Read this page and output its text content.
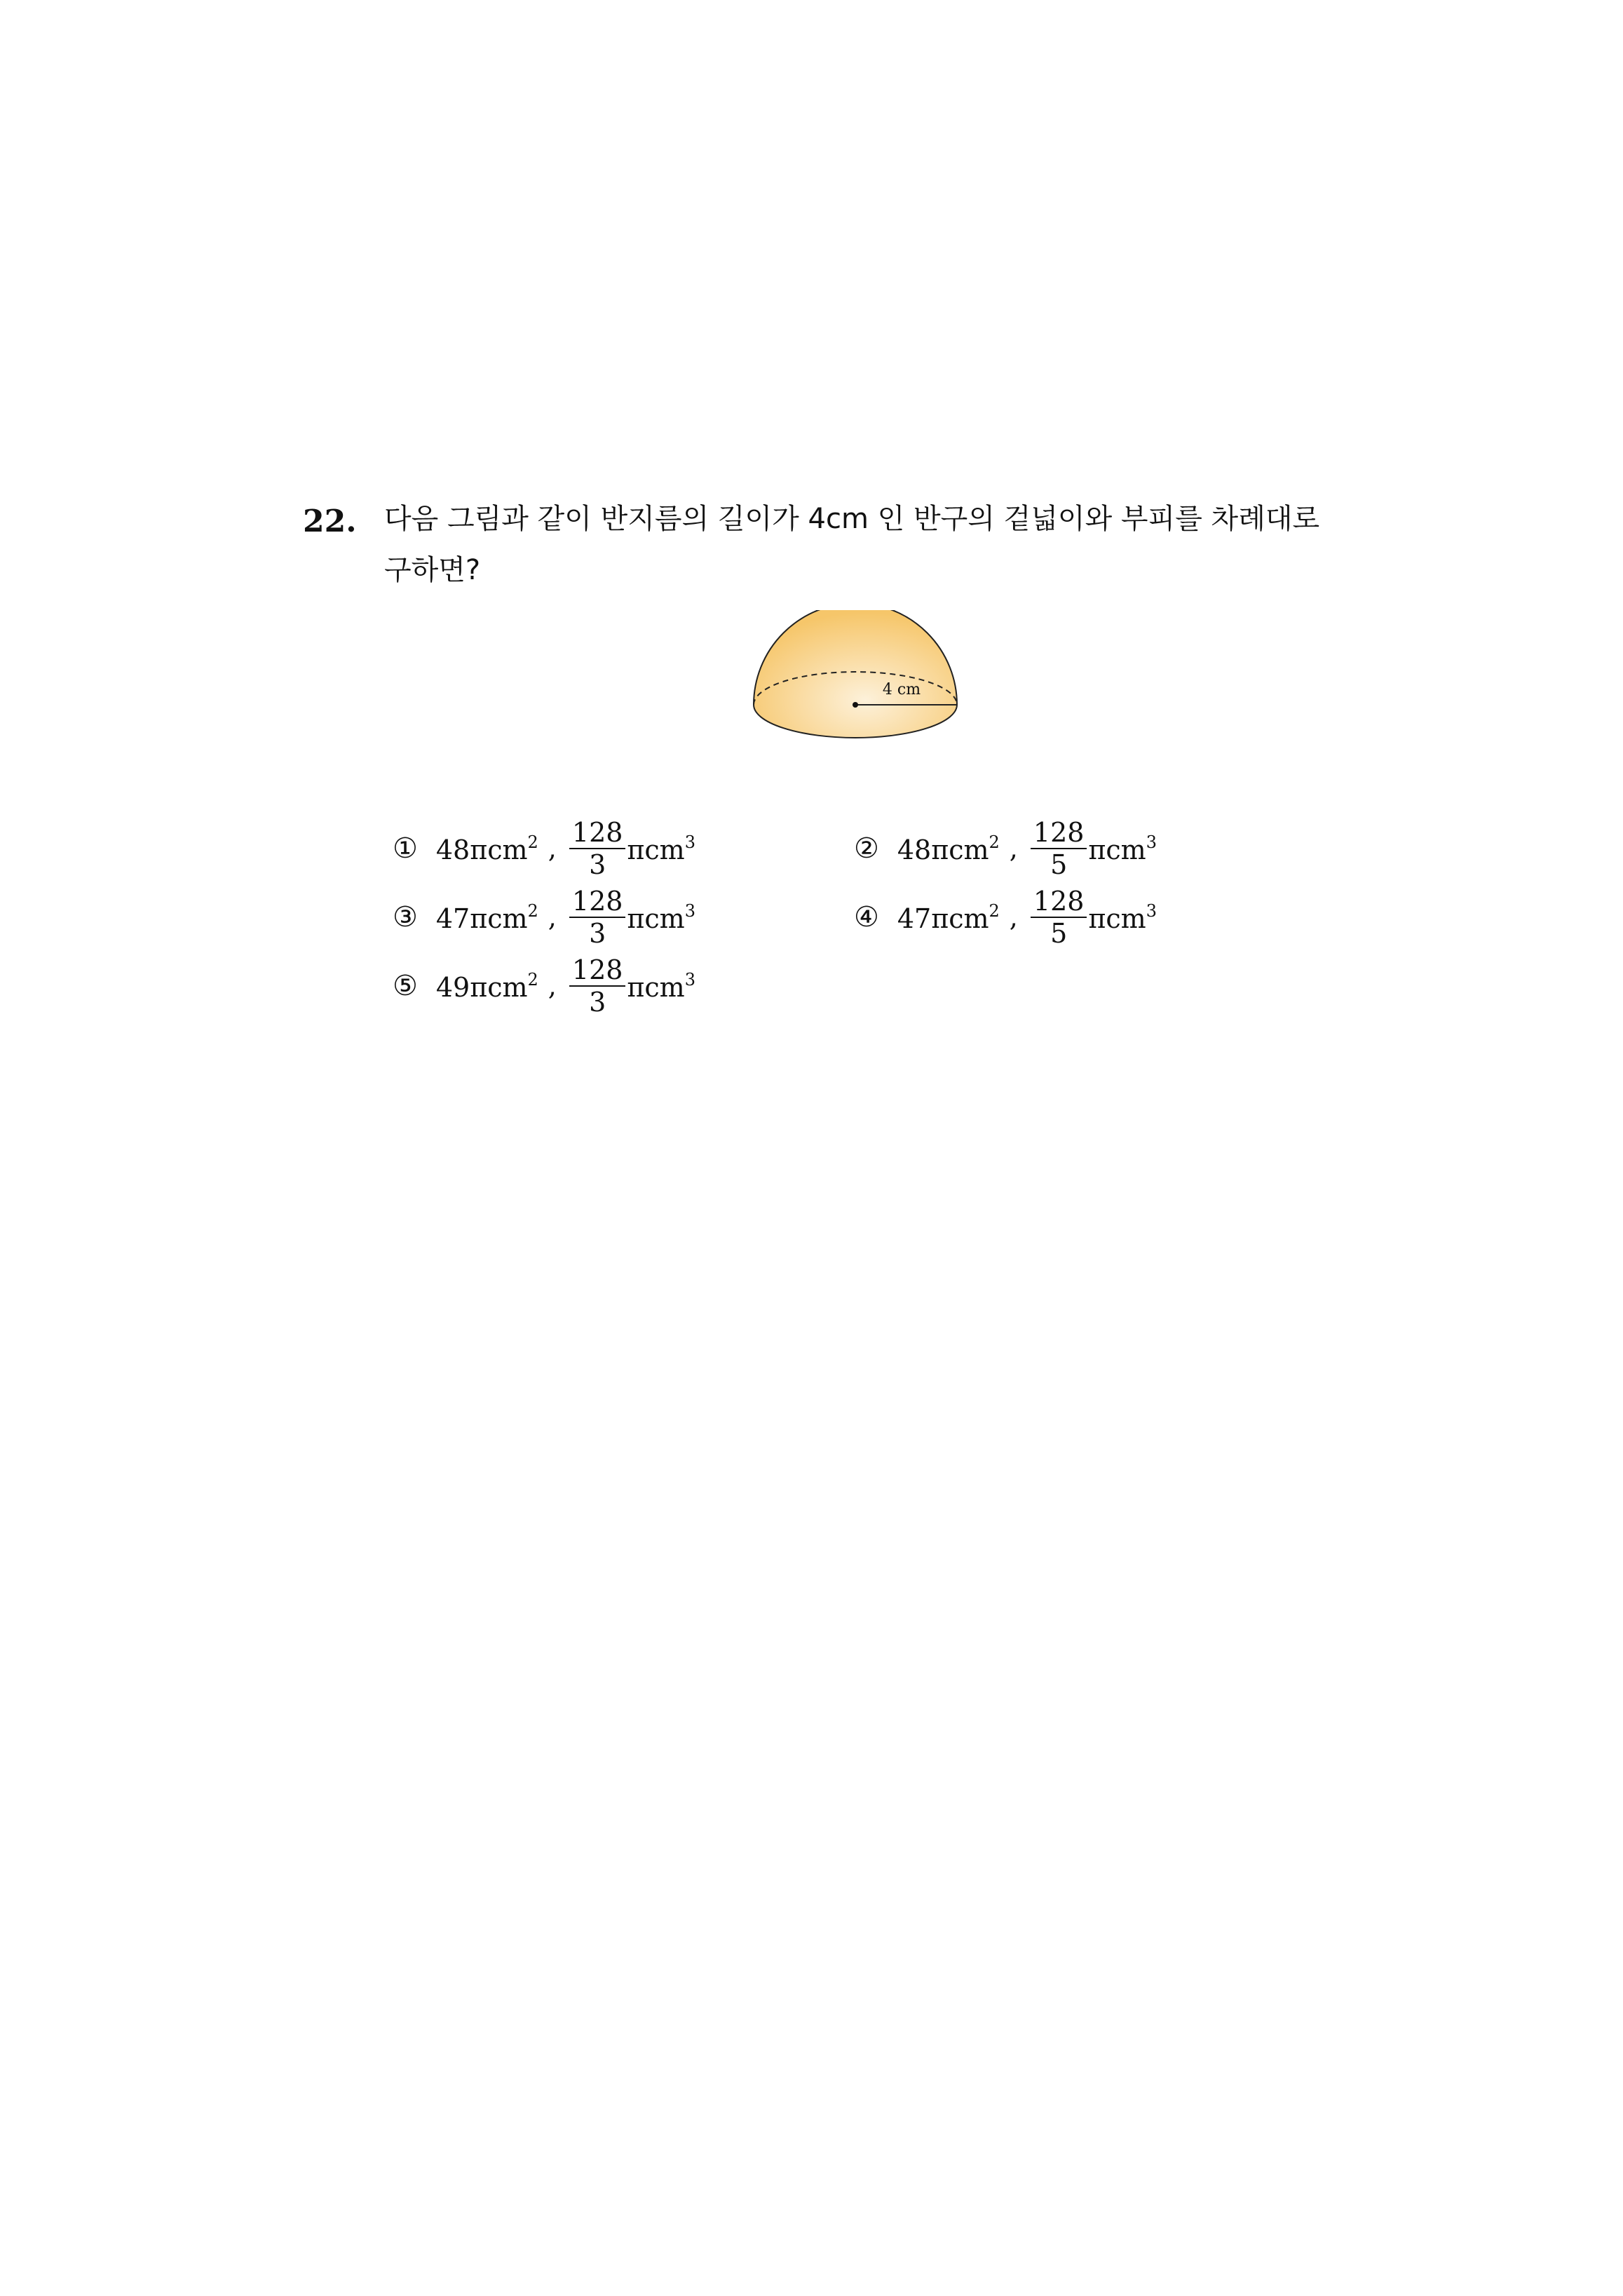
22. 다음 그림과 같이 반지름의 길이가 4cm 인 반구의 겉넓이와 부피를 차례대로
구하면?
4 cm
① 48πcm$^2$ , $\frac{128}{3} \pi cm^3$	② 48πcm$^2$ , $\frac{128}{5} \pi cm^3$
③ 47πcm$^2$ , $\frac{128}{3} \pi cm^3$	④ 47πcm$^2$ , $\frac{128}{5} \pi cm^3$
⑤ 49πcm$^2$ , $\frac{128}{3} \pi cm^3$
